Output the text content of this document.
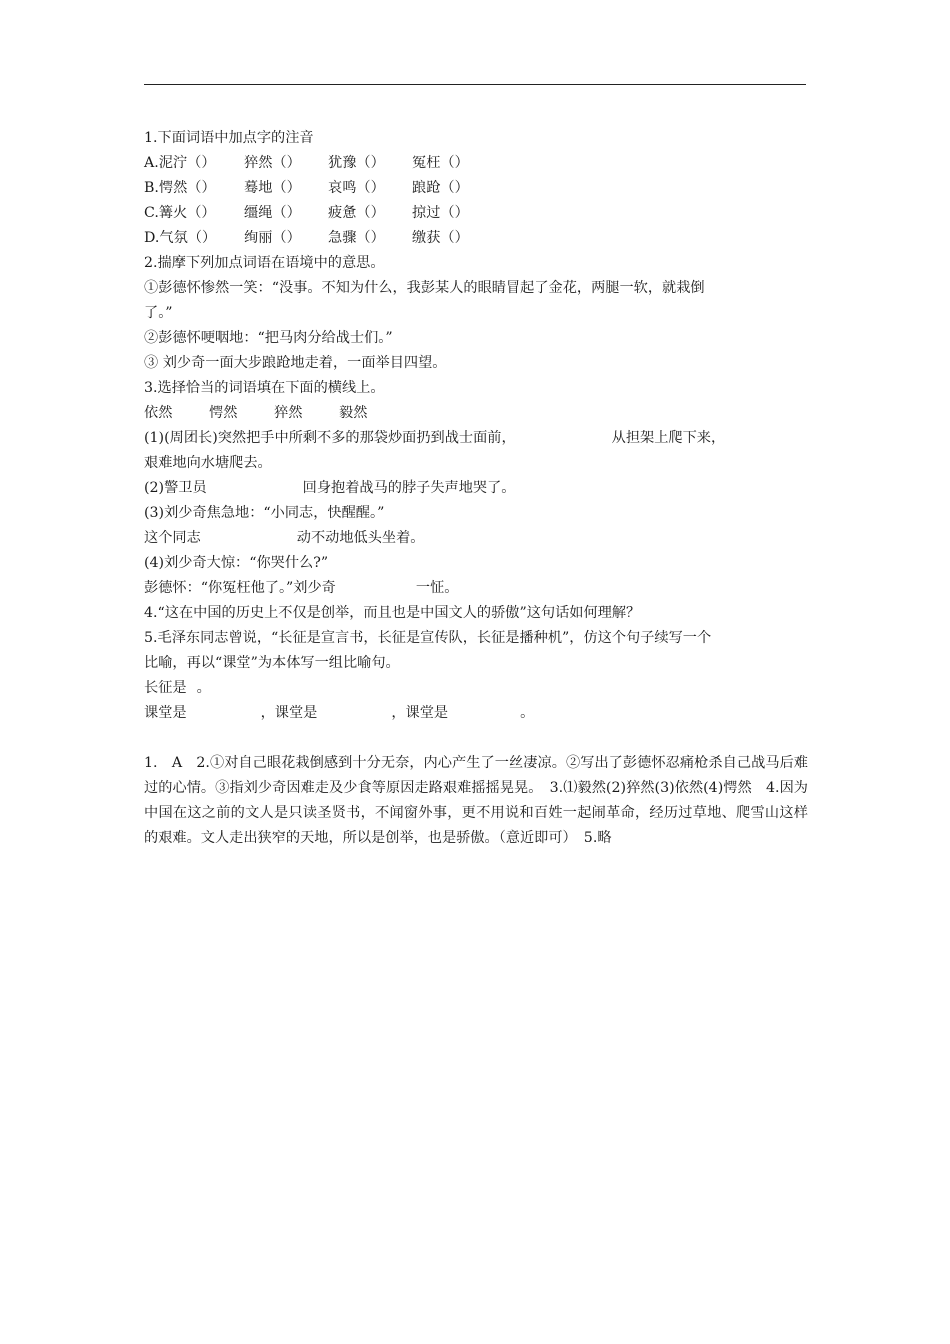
1.下面词语中加点字的注音
A.泥泞（） 猝然（） 犹豫（） 冤枉（）
B.愕然（） 蓦地（） 哀鸣（） 踉跄（）
C.篝火（） 缰绳（） 疲惫（） 掠过（）
D.气氛（） 绚丽（） 急骤（） 缴获（）
2.揣摩下列加点词语在语境中的意思。
①彭德怀惨然一笑：“没事。不知为什么，我彭某人的眼睛冒起了金花，两腿一软，就栽倒
了。”
②彭德怀哽咽地：“把马肉分给战士们。”
③ 刘少奇一面大步踉跄地走着，一面举目四望。
3.选择恰当的词语填在下面的横线上。
依然	愕然	猝然	毅然
(1)(周团长)突然把手中所剩不多的那袋炒面扔到战士面前，	从担架上爬下来，
艰难地向水塘爬去。
(2)警卫员	回身抱着战马的脖子失声地哭了。
(3)刘少奇焦急地：“小同志，快醒醒。”
这个同志	动不动地低头坐着。
(4)刘少奇大惊：“你哭什么?”
彭德怀：“你冤枉他了。”刘少奇	一怔。
4.“这在中国的历史上不仅是创举，而且也是中国文人的骄傲”这句话如何理解？
5.毛泽东同志曾说，“长征是宣言书，长征是宣传队，长征是播种机”，仿这个句子续写一个
比喻，再以“课堂”为本体写一组比喻句。
长征是 。
课堂是	，课堂是	，课堂是	。

1.　A　2.①对自己眼花栽倒感到十分无奈，内心产生了一丝凄凉。②写出了彭德怀忍痛枪杀自己战马后难过的心情。③指刘少奇因难走及少食等原因走路艰难摇摇晃晃。　3.⑴毅然(2)猝然(3)依然(4)愕然　4.因为中国在这之前的文人是只读圣贤书，不闻窗外事，更不用说和百姓一起闹革命，经历过草地、爬雪山这样的艰难。文人走出狭窄的天地，所以是创举，也是骄傲。（意近即可）　5.略
